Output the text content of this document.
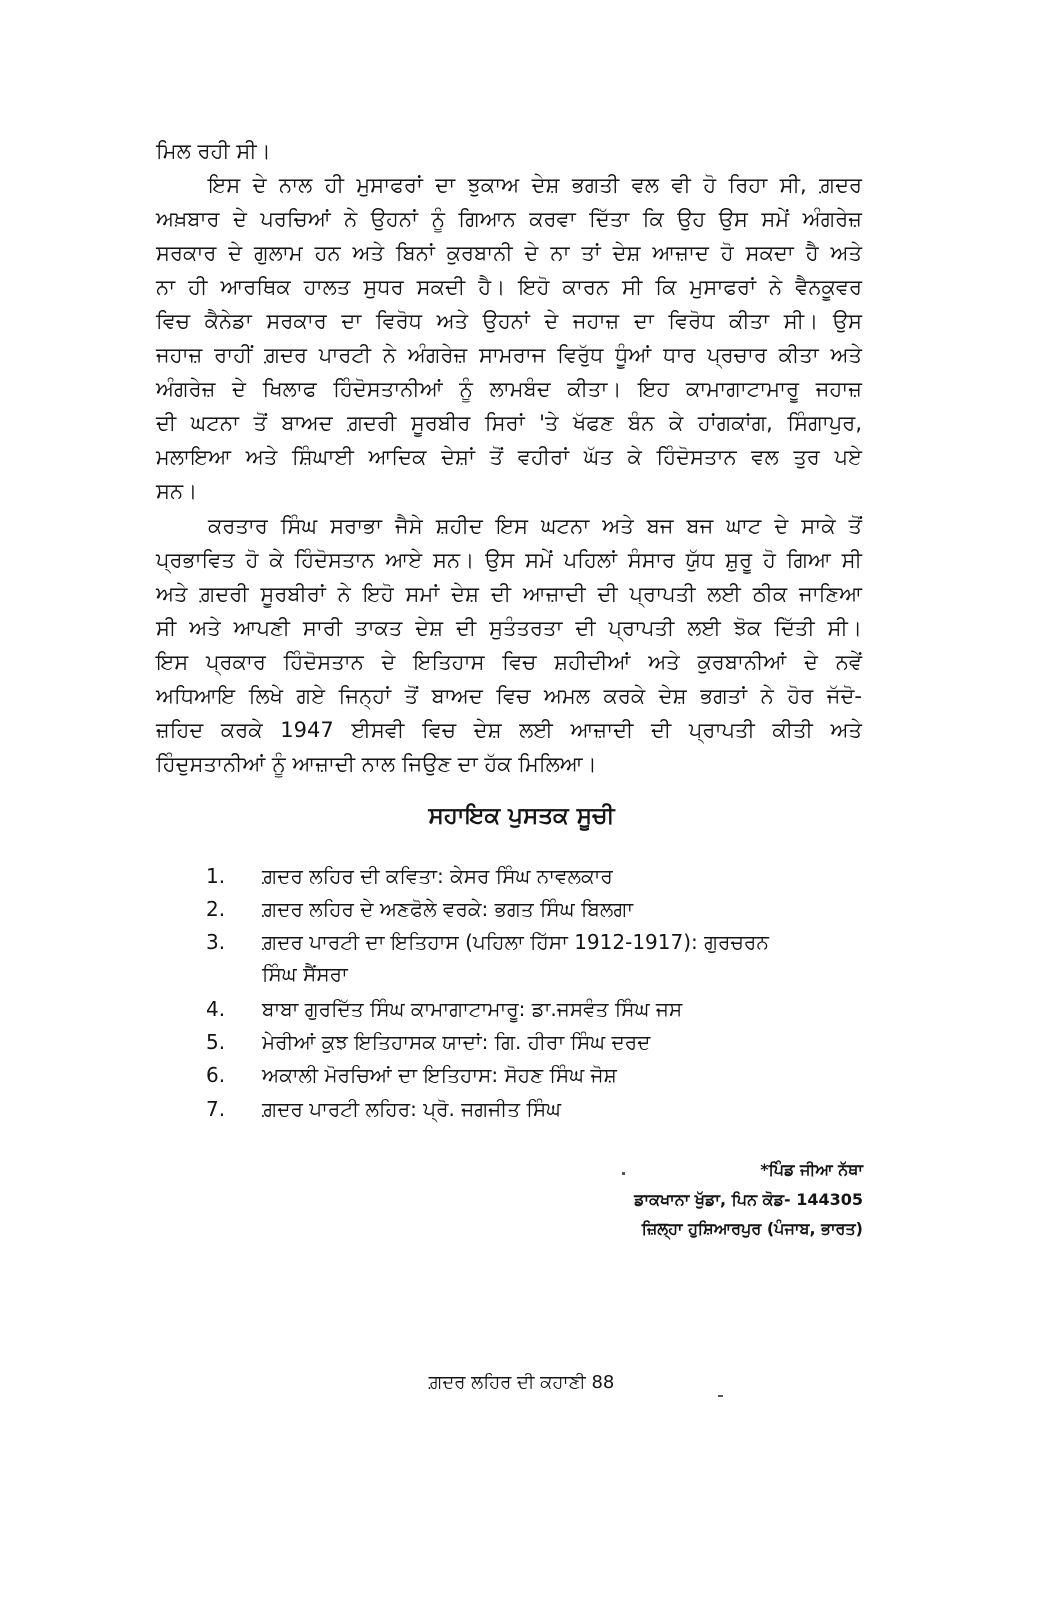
ਮਿਲ ਰਹੀ ਸੀ।
ਇਸ ਦੇ ਨਾਲ ਹੀ ਮੁਸਾਫਰਾਂ ਦਾ ਝੁਕਾਅ ਦੇਸ਼ ਭਗਤੀ ਵਲ ਵੀ ਹੋ ਰਿਹਾ ਸੀ, ਗ਼ਦਰ
ਅਖ਼ਬਾਰ ਦੇ ਪਰਚਿਆਂ ਨੇ ਉਹਨਾਂ ਨੂੰ ਗਿਆਨ ਕਰਵਾ ਦਿੱਤਾ ਕਿ ਉਹ ਉਸ ਸਮੇਂ ਅੰਗਰੇਜ਼
ਸਰਕਾਰ ਦੇ ਗੁਲਾਮ ਹਨ ਅਤੇ ਬਿਨਾਂ ਕੁਰਬਾਨੀ ਦੇ ਨਾ ਤਾਂ ਦੇਸ਼ ਆਜ਼ਾਦ ਹੋ ਸਕਦਾ ਹੈ ਅਤੇ
ਨਾ ਹੀ ਆਰਥਿਕ ਹਾਲਤ ਸੁਧਰ ਸਕਦੀ ਹੈ। ਇਹੋ ਕਾਰਨ ਸੀ ਕਿ ਮੁਸਾਫਰਾਂ ਨੇ ਵੈਨਕੂਵਰ
ਵਿਚ ਕੈਨੇਡਾ ਸਰਕਾਰ ਦਾ ਵਿਰੋਧ ਅਤੇ ਉਹਨਾਂ ਦੇ ਜਹਾਜ਼ ਦਾ ਵਿਰੋਧ ਕੀਤਾ ਸੀ। ਉਸ
ਜਹਾਜ਼ ਰਾਹੀਂ ਗ਼ਦਰ ਪਾਰਟੀ ਨੇ ਅੰਗਰੇਜ਼ ਸਾਮਰਾਜ ਵਿਰੁੱਧ ਧੂੰਆਂ ਧਾਰ ਪ੍ਰਚਾਰ ਕੀਤਾ ਅਤੇ
ਅੰਗਰੇਜ਼ ਦੇ ਖਿਲਾਫ ਹਿੰਦੋਸਤਾਨੀਆਂ ਨੂੰ ਲਾਮਬੰਦ ਕੀਤਾ। ਇਹ ਕਾਮਾਗਾਟਾਮਾਰੂ ਜਹਾਜ਼
ਦੀ ਘਟਨਾ ਤੋਂ ਬਾਅਦ ਗ਼ਦਰੀ ਸੂਰਬੀਰ ਸਿਰਾਂ 'ਤੇ ਖੱਫਣ ਬੰਨ ਕੇ ਹਾਂਗਕਾਂਗ, ਸਿੰਗਾਪੁਰ,
ਮਲਾਇਆ ਅਤੇ ਸ਼ਿੰਘਾਈ ਆਦਿਕ ਦੇਸ਼ਾਂ ਤੋਂ ਵਹੀਰਾਂ ਘੱਤ ਕੇ ਹਿੰਦੋਸਤਾਨ ਵਲ ਤੁਰ ਪਏ
ਸਨ।
ਕਰਤਾਰ ਸਿੰਘ ਸਰਾਭਾ ਜੈਸੇ ਸ਼ਹੀਦ ਇਸ ਘਟਨਾ ਅਤੇ ਬਜ ਬਜ ਘਾਟ ਦੇ ਸਾਕੇ ਤੋਂ
ਪ੍ਰਭਾਵਿਤ ਹੋ ਕੇ ਹਿੰਦੋਸਤਾਨ ਆਏ ਸਨ। ਉਸ ਸਮੇਂ ਪਹਿਲਾਂ ਸੰਸਾਰ ਯੁੱਧ ਸ਼ੁਰੂ ਹੋ ਗਿਆ ਸੀ
ਅਤੇ ਗ਼ਦਰੀ ਸੂਰਬੀਰਾਂ ਨੇ ਇਹੋ ਸਮਾਂ ਦੇਸ਼ ਦੀ ਆਜ਼ਾਦੀ ਦੀ ਪ੍ਰਾਪਤੀ ਲਈ ਠੀਕ ਜਾਣਿਆ
ਸੀ ਅਤੇ ਆਪਣੀ ਸਾਰੀ ਤਾਕਤ ਦੇਸ਼ ਦੀ ਸੁਤੰਤਰਤਾ ਦੀ ਪ੍ਰਾਪਤੀ ਲਈ ਝੋਕ ਦਿੱਤੀ ਸੀ।
ਇਸ ਪ੍ਰਕਾਰ ਹਿੰਦੋਸਤਾਨ ਦੇ ਇਤਿਹਾਸ ਵਿਚ ਸ਼ਹੀਦੀਆਂ ਅਤੇ ਕੁਰਬਾਨੀਆਂ ਦੇ ਨਵੇਂ
ਅਧਿਆਇ ਲਿਖੇ ਗਏ ਜਿਨ੍ਹਾਂ ਤੋਂ ਬਾਅਦ ਵਿਚ ਅਮਲ ਕਰਕੇ ਦੇਸ਼ ਭਗਤਾਂ ਨੇ ਹੋਰ ਜੱਦੋ-
ਜ਼ਹਿਦ ਕਰਕੇ 1947 ਈਸਵੀ ਵਿਚ ਦੇਸ਼ ਲਈ ਆਜ਼ਾਦੀ ਦੀ ਪ੍ਰਾਪਤੀ ਕੀਤੀ ਅਤੇ
ਹਿੰਦੁਸਤਾਨੀਆਂ ਨੂੰ ਆਜ਼ਾਦੀ ਨਾਲ ਜਿਉਣ ਦਾ ਹੱਕ ਮਿਲਿਆ।
ਸਹਾਇਕ ਪੁਸਤਕ ਸੂਚੀ
1.	ਗ਼ਦਰ ਲਹਿਰ ਦੀ ਕਵਿਤਾ: ਕੇਸਰ ਸਿੰਘ ਨਾਵਲਕਾਰ
2.	ਗ਼ਦਰ ਲਹਿਰ ਦੇ ਅਣਫੋਲੇ ਵਰਕੇ: ਭਗਤ ਸਿੰਘ ਬਿਲਗਾ
3.	ਗ਼ਦਰ ਪਾਰਟੀ ਦਾ ਇਤਿਹਾਸ (ਪਹਿਲਾ ਹਿੱਸਾ 1912-1917): ਗੁਰਚਰਨ
ਸਿੰਘ ਸੈਂਸਰਾ
4.	ਬਾਬਾ ਗੁਰਦਿੱਤ ਸਿੰਘ ਕਾਮਾਗਾਟਾਮਾਰੂ: ਡਾ.ਜਸਵੰਤ ਸਿੰਘ ਜਸ
5.	ਮੇਰੀਆਂ ਕੁਝ ਇਤਿਹਾਸਕ ਯਾਦਾਂ: ਗਿ. ਹੀਰਾ ਸਿੰਘ ਦਰਦ
6.	ਅਕਾਲੀ ਮੋਰਚਿਆਂ ਦਾ ਇਤਿਹਾਸ: ਸੋਹਣ ਸਿੰਘ ਜੋਸ਼
7.	ਗ਼ਦਰ ਪਾਰਟੀ ਲਹਿਰ: ਪ੍ਰੋ. ਜਗਜੀਤ ਸਿੰਘ
*ਪਿੰਡ ਜੀਆ ਨੱਥਾ
ਡਾਕਖਾਨਾ ਖੁੱਡਾ, ਪਿਨ ਕੋਡ- 144305
ਜ਼ਿਲ੍ਹਾ ਹੁਸ਼ਿਆਰਪੁਰ (ਪੰਜਾਬ, ਭਾਰਤ)
ਗ਼ਦਰ ਲਹਿਰ ਦੀ ਕਹਾਣੀ 88
